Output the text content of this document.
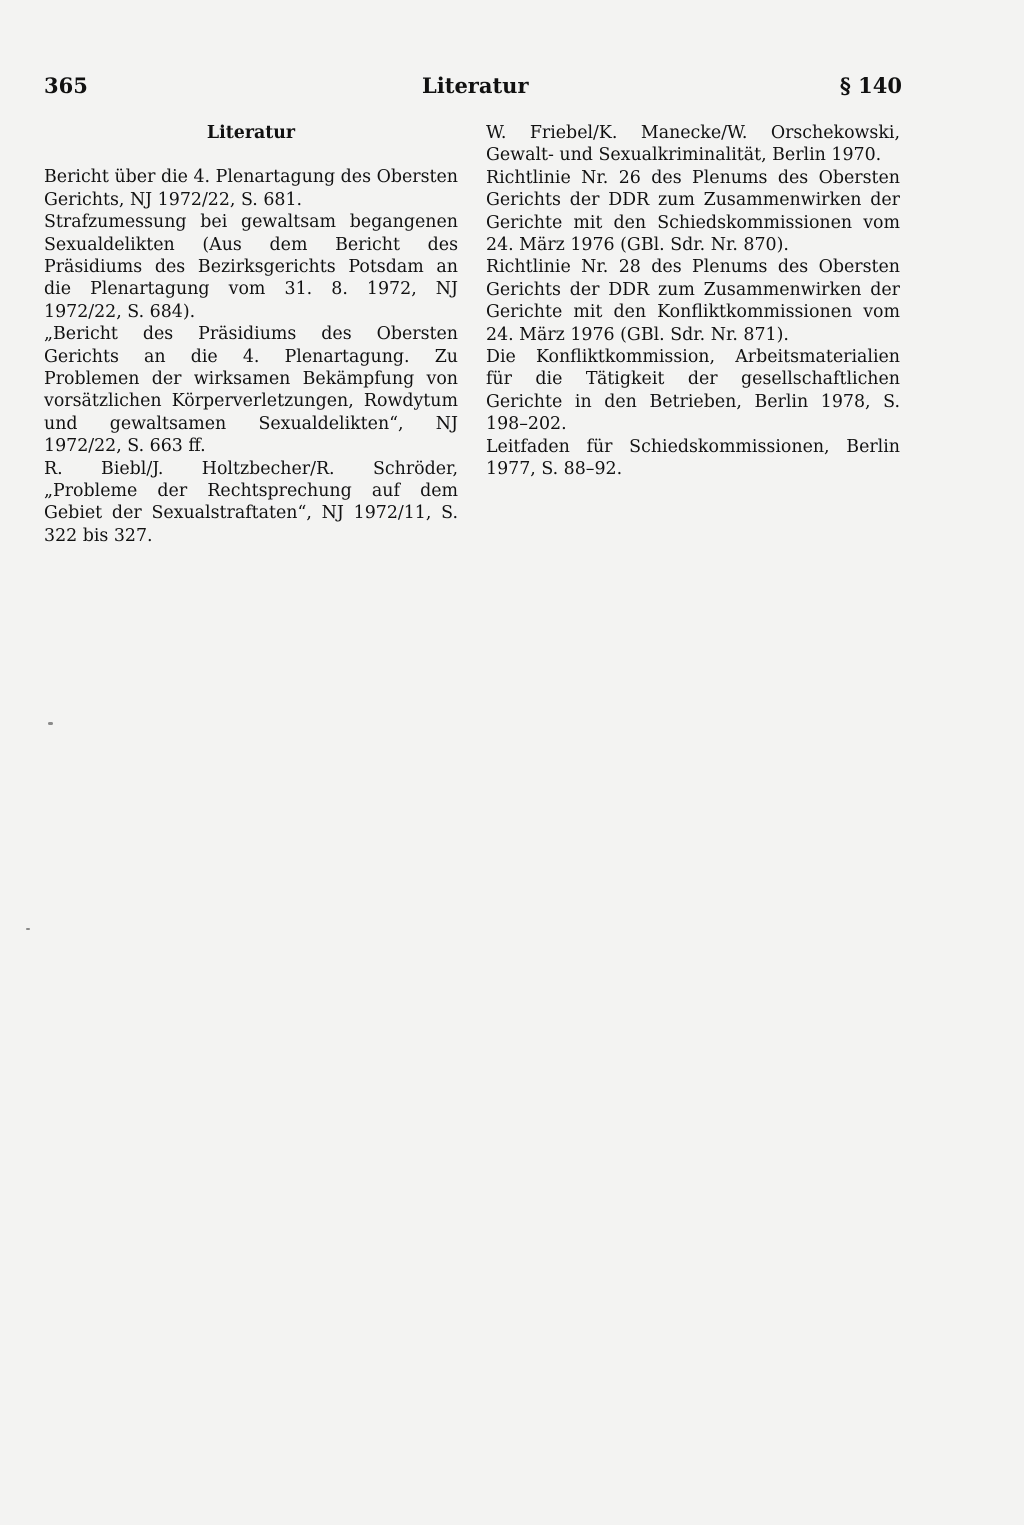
365	Literatur	§ 140
Literatur

Bericht über die 4. Plenartagung des Obersten Gerichts, NJ 1972/22, S. 681.

Strafzumessung bei gewaltsam begangenen Sexualdelikten (Aus dem Bericht des Präsidiums des Bezirksgerichts Potsdam an die Plenartagung vom 31. 8. 1972, NJ 1972/22, S. 684).

„Bericht des Präsidiums des Obersten Gerichts an die 4. Plenartagung. Zu Problemen der wirksamen Bekämpfung von vorsätzlichen Körperverletzungen, Rowdytum und gewaltsamen Sexualdelikten“, NJ 1972/22, S. 663 ff.

R. Biebl/J. Holtzbecher/R. Schröder, „Probleme der Rechtsprechung auf dem Gebiet der Sexualstraftaten“, NJ 1972/11, S. 322 bis 327.

W. Friebel/K. Manecke/W. Orschekowski, Gewalt- und Sexualkriminalität, Berlin 1970.

Richtlinie Nr. 26 des Plenums des Obersten Gerichts der DDR zum Zusammenwirken der Gerichte mit den Schiedskommissionen vom 24. März 1976 (GBl. Sdr. Nr. 870).

Richtlinie Nr. 28 des Plenums des Obersten Gerichts der DDR zum Zusammenwirken der Gerichte mit den Konfliktkommissionen vom 24. März 1976 (GBl. Sdr. Nr. 871).

Die Konfliktkommission, Arbeitsmaterialien für die Tätigkeit der gesellschaftlichen Gerichte in den Betrieben, Berlin 1978, S. 198–202.

Leitfaden für Schiedskommissionen, Berlin 1977, S. 88–92.
